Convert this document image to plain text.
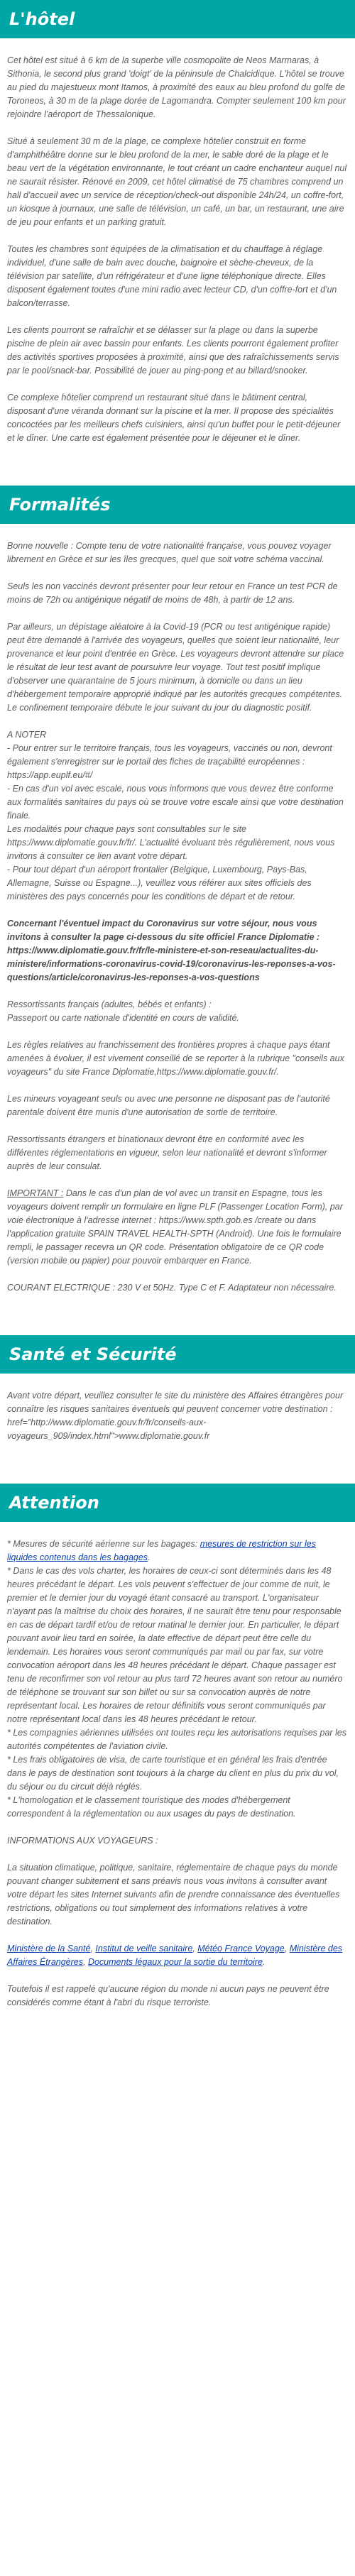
L'hôtel

Cet hôtel est situé à 6 km de la superbe ville cosmopolite de Neos Marmaras, à Sithonia, le second plus grand 'doigt' de la péninsule de Chalcidique. L'hôtel se trouve au pied du majestueux mont Itamos, à proximité des eaux au bleu profond du golfe de Toroneos, à 30 m de la plage dorée de Lagomandra. Compter seulement 100 km pour rejoindre l'aéroport de Thessalonique.

Situé à seulement 30 m de la plage, ce complexe hôtelier construit en forme d'amphithéâtre donne sur le bleu profond de la mer, le sable doré de la plage et le beau vert de la végétation environnante, le tout créant un cadre enchanteur auquel nul ne saurait résister. Rénové en 2009, cet hôtel climatisé de 75 chambres comprend un hall d'accueil avec un service de réception/check-out disponible 24h/24, un coffre-fort, un kiosque à journaux, une salle de télévision, un café, un bar, un restaurant, une aire de jeu pour enfants et un parking gratuit.

Toutes les chambres sont équipées de la climatisation et du chauffage à réglage individuel, d'une salle de bain avec douche, baignoire et sèche-cheveux, de la télévision par satellite, d'un réfrigérateur et d'une ligne téléphonique directe. Elles disposent également toutes d'une mini radio avec lecteur CD, d'un coffre-fort et d'un balcon/terrasse.

Les clients pourront se rafraîchir et se délasser sur la plage ou dans la superbe piscine de plein air avec bassin pour enfants. Les clients pourront également profiter des activités sportives proposées à proximité, ainsi que des rafraîchissements servis par le pool/snack-bar. Possibilité de jouer au ping-pong et au billard/snooker.

Ce complexe hôtelier comprend un restaurant situé dans le bâtiment central, disposant d'une véranda donnant sur la piscine et la mer. Il propose des spécialités concoctées par les meilleurs chefs cuisiniers, ainsi qu'un buffet pour le petit-déjeuner et le dîner. Une carte est également présentée pour le déjeuner et le dîner.

Formalités

Bonne nouvelle : Compte tenu de votre nationalité française, vous pouvez voyager librement en Grèce et sur les îles grecques, quel que soit votre schéma vaccinal.

Seuls les non vaccinés devront présenter pour leur retour en France un test PCR de moins de 72h ou antigénique négatif de moins de 48h, à partir de 12 ans.

Par ailleurs, un dépistage aléatoire à la Covid-19 (PCR ou test antigénique rapide) peut être demandé à l'arrivée des voyageurs, quelles que soient leur nationalité, leur provenance et leur point d'entrée en Grèce. Les voyageurs devront attendre sur place le résultat de leur test avant de poursuivre leur voyage. Tout test positif implique d'observer une quarantaine de 5 jours minimum, à domicile ou dans un lieu d'hébergement temporaire approprié indiqué par les autorités grecques compétentes. Le confinement temporaire débute le jour suivant du jour du diagnostic positif.

A NOTER

- Pour entrer sur le territoire français, tous les voyageurs, vaccinés ou non, devront également s'enregistrer sur le portail des fiches de traçabilité européennes : https://app.euplf.eu/#/

- En cas d'un vol avec escale, nous vous informons que vous devrez être conforme aux formalités sanitaires du pays où se trouve votre escale ainsi que votre destination finale.

Les modalités pour chaque pays sont consultables sur le site https://www.diplomatie.gouv.fr/fr/. L'actualité évoluant très régulièrement, nous vous invitons à consulter ce lien avant votre départ.

- Pour tout départ d'un aéroport frontalier (Belgique, Luxembourg, Pays-Bas, Allemagne, Suisse ou Espagne...), veuillez vous référer aux sites officiels des ministères des pays concernés pour les conditions de départ et de retour.

Concernant l'éventuel impact du Coronavirus sur votre séjour, nous vous invitons à consulter la page ci-dessous du site officiel France Diplomatie : https://www.diplomatie.gouv.fr/fr/le-ministere-et-son-reseau/actualites-du-ministere/informations-coronavirus-covid-19/coronavirus-les-reponses-a-vos-questions/article/coronavirus-les-reponses-a-vos-questions

Ressortissants français (adultes, bébés et enfants) :

Passeport ou carte nationale d'identité en cours de validité.

Les règles relatives au franchissement des frontières propres à chaque pays étant amenées à évoluer, il est vivement conseillé de se reporter à la rubrique "conseils aux voyageurs" du site France Diplomatie,https://www.diplomatie.gouv.fr/.

Les mineurs voyageant seuls ou avec une personne ne disposant pas de l'autorité parentale doivent être munis d'une autorisation de sortie de territoire.

Ressortissants étrangers et binationaux devront être en conformité avec les différentes réglementations en vigueur, selon leur nationalité et devront s'informer auprès de leur consulat.

IMPORTANT : Dans le cas d'un plan de vol avec un transit en Espagne, tous les voyageurs doivent remplir un formulaire en ligne PLF (Passenger Location Form), par voie électronique à l'adresse internet : https://www.spth.gob.es /create ou dans l'application gratuite SPAIN TRAVEL HEALTH-SPTH (Android). Une fois le formulaire rempli, le passager recevra un QR code. Présentation obligatoire de ce QR code (version mobile ou papier) pour pouvoir embarquer en France.

COURANT ELECTRIQUE : 230 V et 50Hz. Type C et F. Adaptateur non nécessaire.

Santé et Sécurité

Avant votre départ, veuillez consulter le site du ministère des Affaires étrangères pour connaître les risques sanitaires éventuels qui peuvent concerner votre destination : href="http://www.diplomatie.gouv.fr/fr/conseils-aux-voyageurs_909/index.html">www.diplomatie.gouv.fr

Attention

* Mesures de sécurité aérienne sur les bagages: mesures de restriction sur les liquides contenus dans les bagages.

* Dans le cas des vols charter, les horaires de ceux-ci sont déterminés dans les 48 heures précédant le départ. Les vols peuvent s'effectuer de jour comme de nuit, le premier et le dernier jour du voyagé étant consacré au transport. L'organisateur n'ayant pas la maîtrise du choix des horaires, il ne saurait être tenu pour responsable en cas de départ tardif et/ou de retour matinal le dernier jour. En particulier, le départ pouvant avoir lieu tard en soirée, la date effective de départ peut être celle du lendemain. Les horaires vous seront communiqués par mail ou par fax, sur votre convocation aéroport dans les 48 heures précédant le départ. Chaque passager est tenu de reconfirmer son vol retour au plus tard 72 heures avant son retour au numéro de téléphone se trouvant sur son billet ou sur sa convocation auprès de notre représentant local. Les horaires de retour définitifs vous seront communiqués par notre représentant local dans les 48 heures précédant le retour.

* Les compagnies aériennes utilisées ont toutes reçu les autorisations requises par les autorités compétentes de l'aviation civile.

* Les frais obligatoires de visa, de carte touristique et en général les frais d'entrée dans le pays de destination sont toujours à la charge du client en plus du prix du vol, du séjour ou du circuit déjà réglés.

* L'homologation et le classement touristique des modes d'hébergement correspondent à la réglementation ou aux usages du pays de destination.

INFORMATIONS AUX VOYAGEURS :

La situation climatique, politique, sanitaire, réglementaire de chaque pays du monde pouvant changer subitement et sans préavis nous vous invitons à consulter avant votre départ les sites Internet suivants afin de prendre connaissance des éventuelles restrictions, obligations ou tout simplement des informations relatives à votre destination.

Ministère de la Santé, Institut de veille sanitaire, Météo France Voyage, Ministère des Affaires Étrangères, Documents légaux pour la sortie du territoire.

Toutefois il est rappelé qu'aucune région du monde ni aucun pays ne peuvent être considérés comme étant à l'abri du risque terroriste.
